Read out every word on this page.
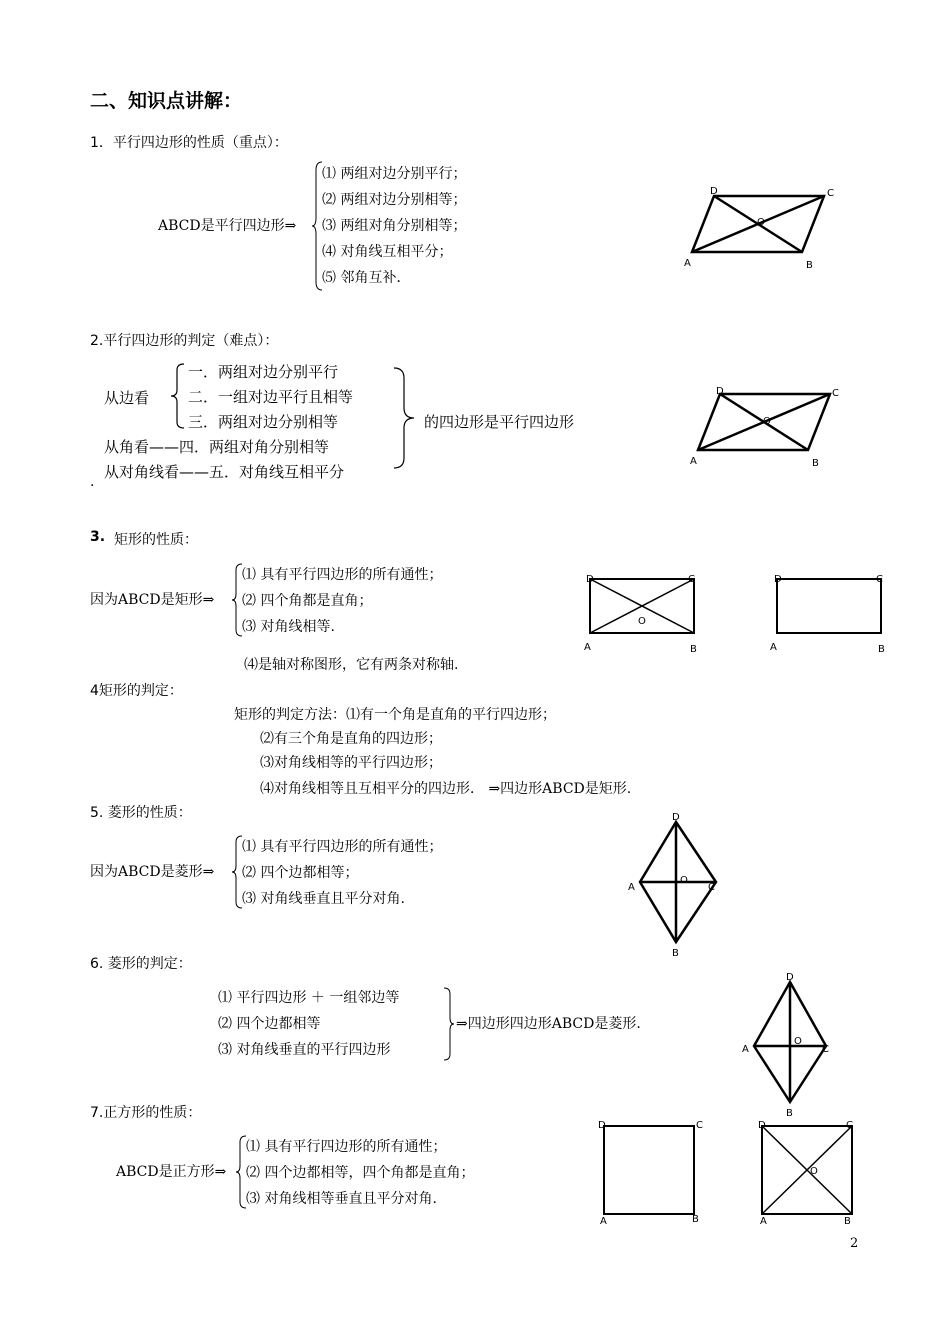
二、知识点讲解：
1．平行四边形的性质（重点）：
ABCD是平行四边形⇒
⑴ 两组对边分别平行；
⑵ 两组对边分别相等；
⑶ 两组对角分别相等；
⑷ 对角线互相平分；
⑸ 邻角互补．
A	B
C
D
O
2.平行四边形的判定（难点）：
从边看
一．两组对边分别平行
二．一组对边平行且相等
三．两组对边分别相等
从角看——四．两组对角分别相等
从对角线看——五．对角线互相平分
的四边形是平行四边形
.
A	B
C
D
O
3. 矩形的性质：
因为ABCD是矩形⇒
⑴ 具有平行四边形的所有通性；
⑵ 四个角都是直角；
⑶ 对角线相等.
⑷是轴对称图形，它有两条对称轴.
A	B
C
D
O
A	B
C
D
4矩形的判定：
矩形的判定方法：⑴有一个角是直角的平行四边形；
⑵有三个角是直角的四边形；
⑶对角线相等的平行四边形；
⑷对角线相等且互相平分的四边形． ⇒四边形ABCD是矩形.
5. 菱形的性质：
因为ABCD是菱形⇒
⑴ 具有平行四边形的所有通性；
⑵ 四个边都相等；
⑶ 对角线垂直且平分对角.
D
B
A	C
O
6. 菱形的判定：
⑴ 平行四边形 ＋ 一组邻边等
⑵ 四个边都相等
⑶ 对角线垂直的平行四边形
⇒四边形四边形ABCD是菱形.
D
B
A	C
O
7.正方形的性质：
ABCD是正方形⇒
⑴ 具有平行四边形的所有通性；
⑵ 四个边都相等，四个角都是直角；
⑶ 对角线相等垂直且平分对角.
A	B
C
D
A	B
C
D
O
2
